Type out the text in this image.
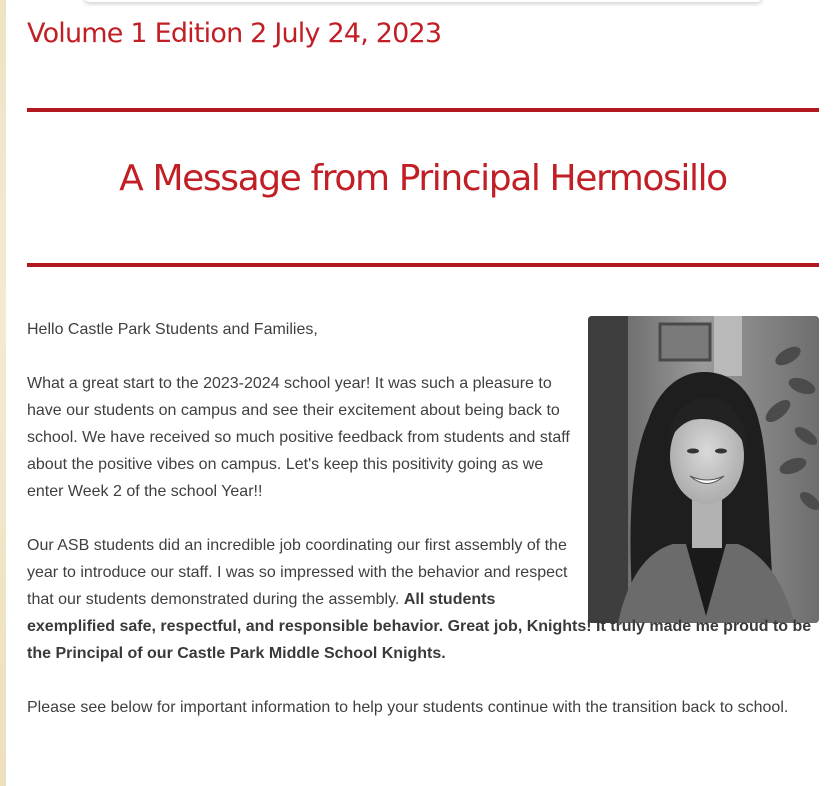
Volume 1 Edition 2 July 24, 2023
A Message from Principal Hermosillo

Hello Castle Park Students and Families,

What a great start to the 2023-2024 school year! It was such a pleasure to have our students on campus and see their excitement about being back to school. We have received so much positive feedback from students and staff about the positive vibes on campus. Let's keep this positivity going as we enter Week 2 of the school Year!!

Our ASB students did an incredible job coordinating our first assembly of the year to introduce our staff. I was so impressed with the behavior and respect that our students demonstrated during the assembly. All students exemplified safe, respectful, and responsible behavior. Great job, Knights! It truly made me proud to be the Principal of our Castle Park Middle School Knights.

Please see below for important information to help your students continue with the transition back to school.
